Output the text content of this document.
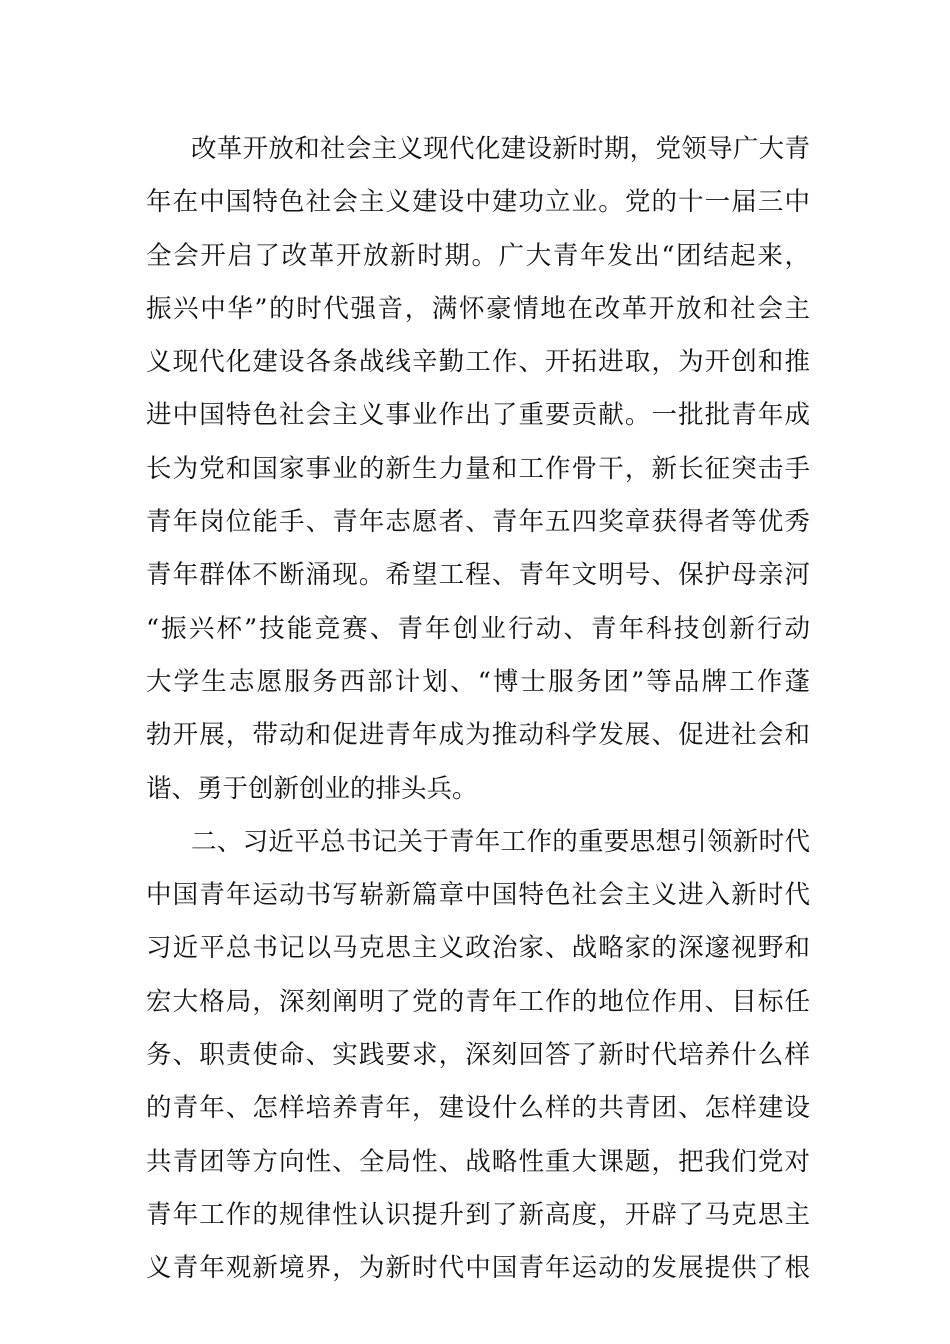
改革开放和社会主义现代化建设新时期，党领导广大青
年在中国特色社会主义建设中建功立业。党的十一届三中
全会开启了改革开放新时期。广大青年发出“团结起来，
振兴中华”的时代强音，满怀豪情地在改革开放和社会主
义现代化建设各条战线辛勤工作、开拓进取，为开创和推
进中国特色社会主义事业作出了重要贡献。一批批青年成
长为党和国家事业的新生力量和工作骨干，新长征突击手
青年岗位能手、青年志愿者、青年五四奖章获得者等优秀
青年群体不断涌现。希望工程、青年文明号、保护母亲河
“振兴杯”技能竞赛、青年创业行动、青年科技创新行动
大学生志愿服务西部计划、“博士服务团”等品牌工作蓬
勃开展，带动和促进青年成为推动科学发展、促进社会和
谐、勇于创新创业的排头兵。
二、习近平总书记关于青年工作的重要思想引领新时代
中国青年运动书写崭新篇章中国特色社会主义进入新时代
习近平总书记以马克思主义政治家、战略家的深邃视野和
宏大格局，深刻阐明了党的青年工作的地位作用、目标任
务、职责使命、实践要求，深刻回答了新时代培养什么样
的青年、怎样培养青年，建设什么样的共青团、怎样建设
共青团等方向性、全局性、战略性重大课题，把我们党对
青年工作的规律性认识提升到了新高度，开辟了马克思主
义青年观新境界，为新时代中国青年运动的发展提供了根
